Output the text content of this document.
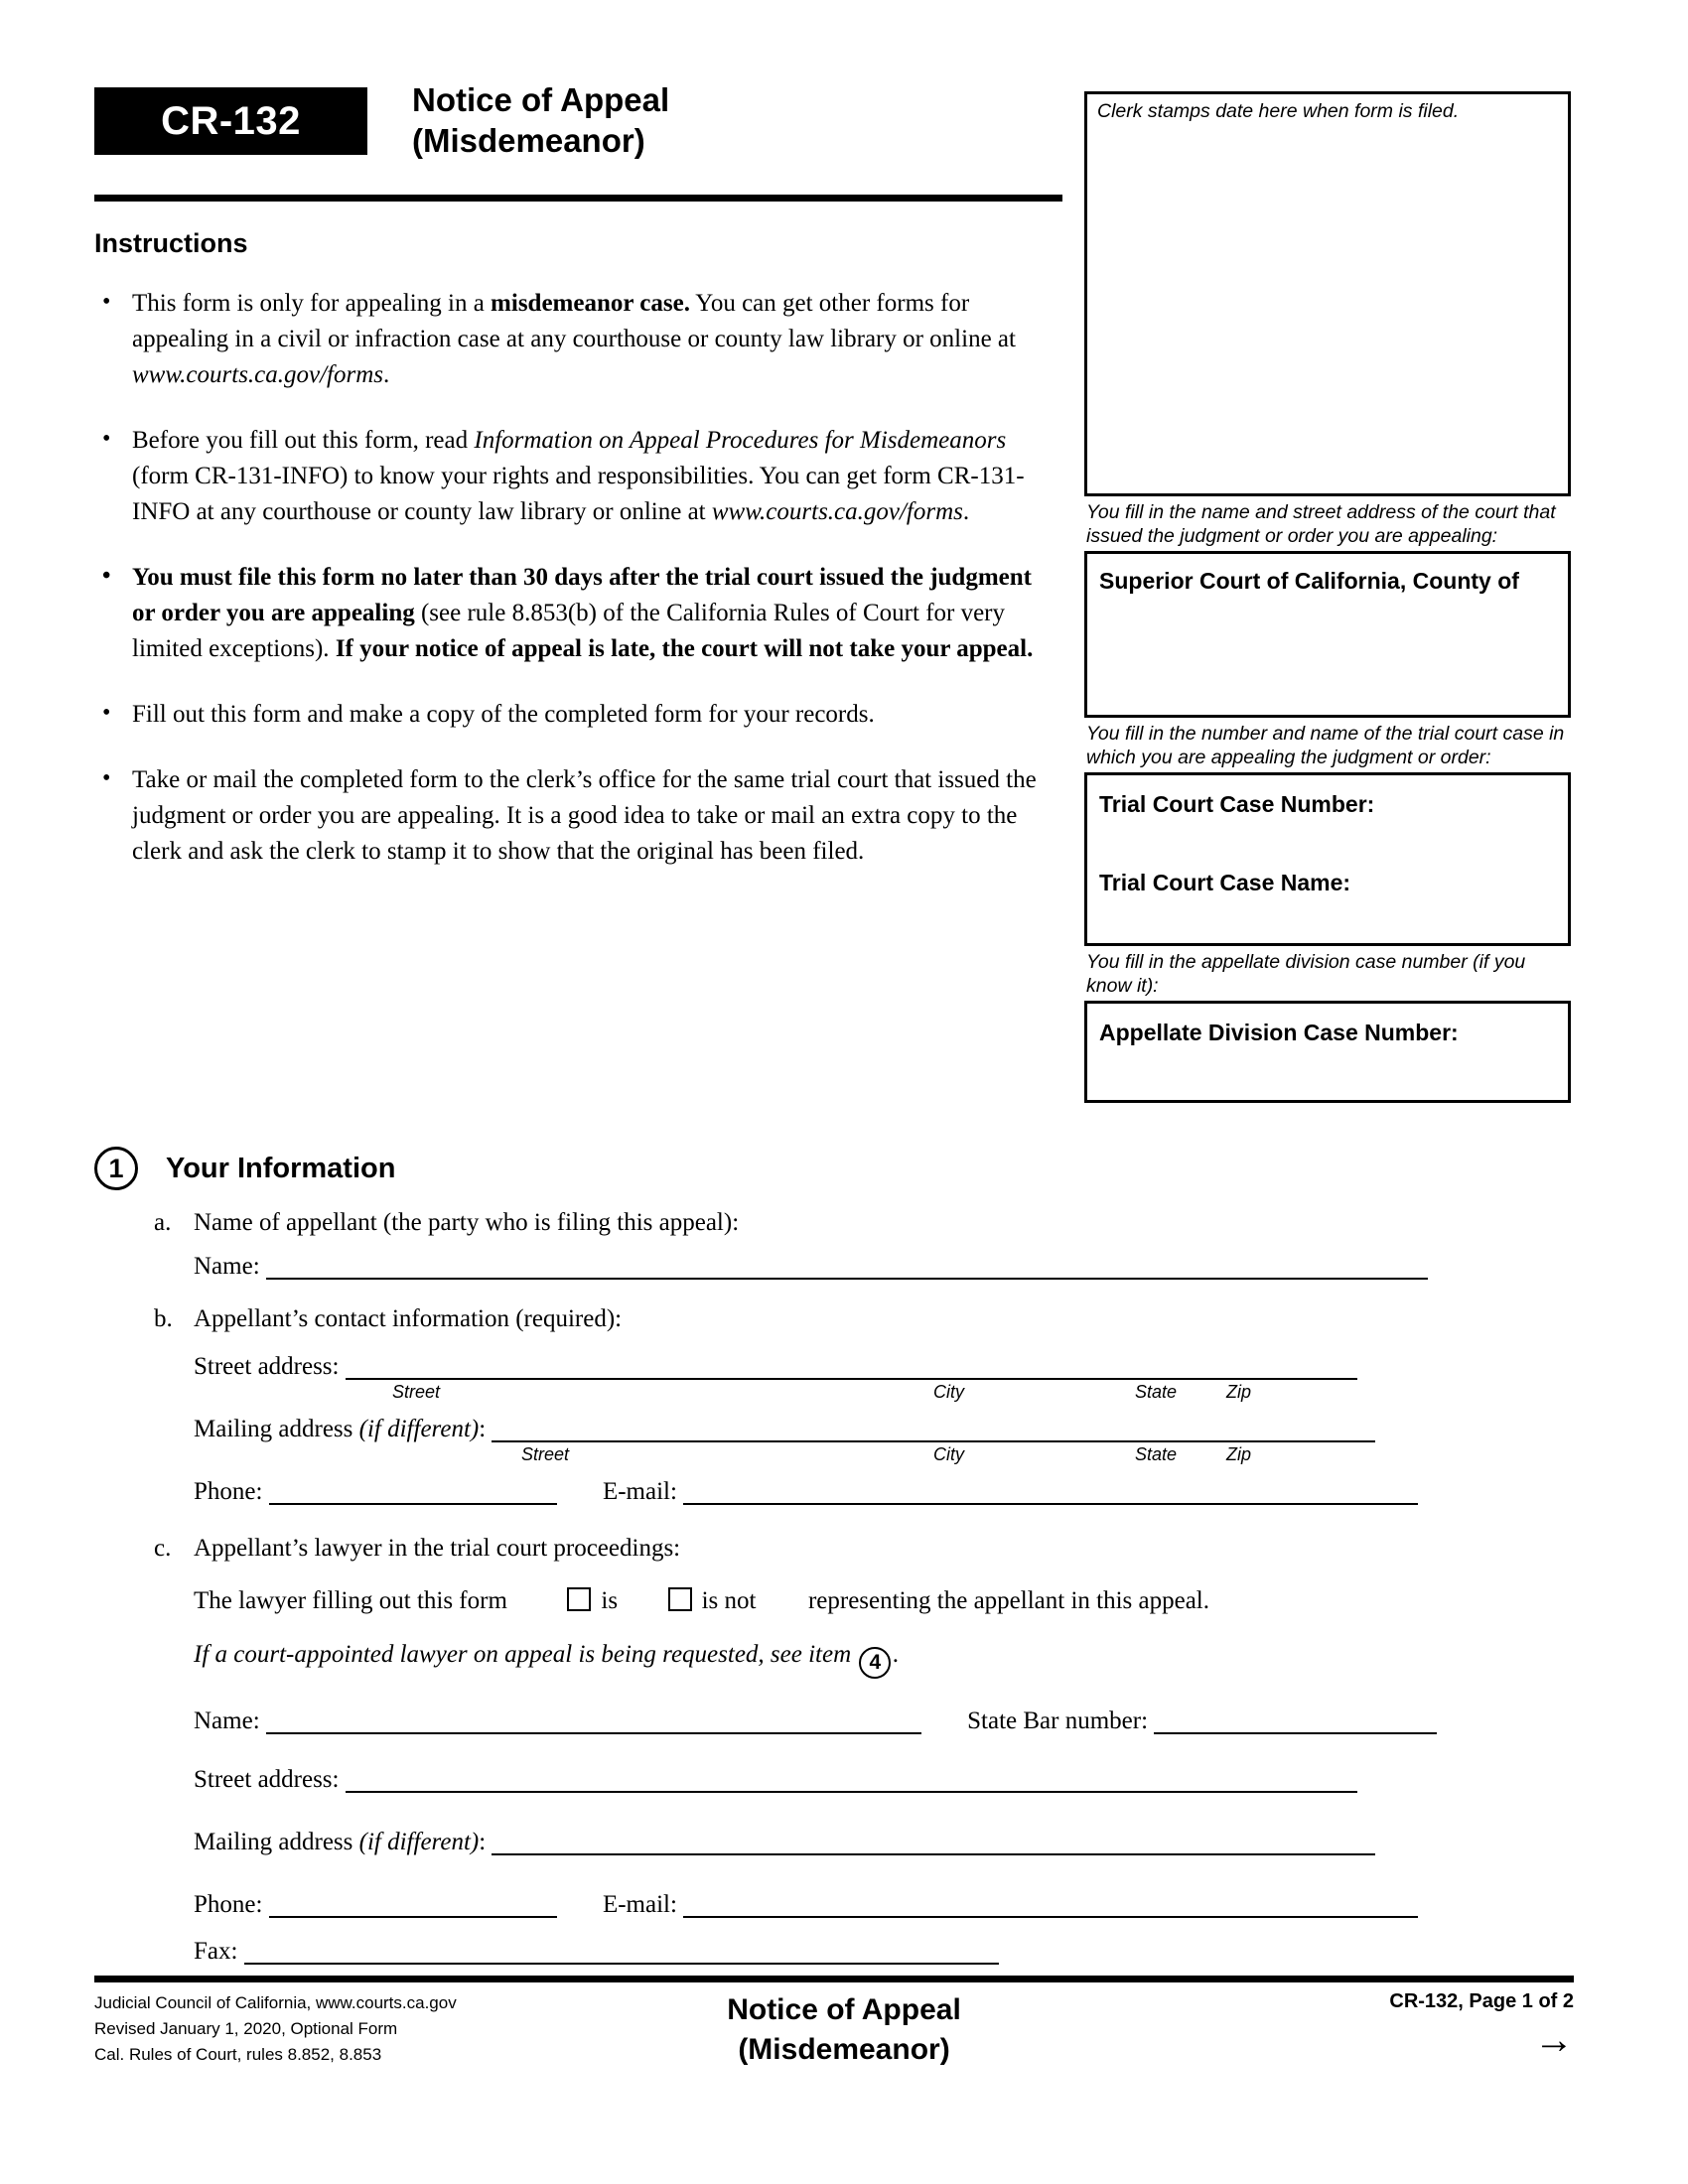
CR-132	Notice of Appeal
(Misdemeanor)
Instructions
• This form is only for appealing in a misdemeanor case. You can get other forms for appealing in a civil or infraction case at any courthouse or county law library or online at www.courts.ca.gov/forms.
• Before you fill out this form, read Information on Appeal Procedures for Misdemeanors (form CR-131-INFO) to know your rights and responsibilities. You can get form CR-131-INFO at any courthouse or county law library or online at www.courts.ca.gov/forms.
• You must file this form no later than 30 days after the trial court issued the judgment or order you are appealing (see rule 8.853(b) of the California Rules of Court for very limited exceptions). If your notice of appeal is late, the court will not take your appeal.
• Fill out this form and make a copy of the completed form for your records.
• Take or mail the completed form to the clerk’s office for the same trial court that issued the judgment or order you are appealing. It is a good idea to take or mail an extra copy to the clerk and ask the clerk to stamp it to show that the original has been filed.
Clerk stamps date here when form is filed.
You fill in the name and street address of the court that issued the judgment or order you are appealing:
Superior Court of California, County of
You fill in the number and name of the trial court case in which you are appealing the judgment or order:
Trial Court Case Number:
Trial Court Case Name:
You fill in the appellate division case number (if you know it):
Appellate Division Case Number:
1 Your Information
a. Name of appellant (the party who is filing this appeal):
Name:
b. Appellant’s contact information (required):
Street address:
Street	City	State	Zip
Mailing address (if different):
Street	City	State	Zip
Phone:	E-mail:
c. Appellant’s lawyer in the trial court proceedings:
The lawyer filling out this form	is	is not representing the appellant in this appeal.
If a court-appointed lawyer on appeal is being requested, see item 4 .
Name:	State Bar number:
Street address:
Mailing address (if different):
Phone:	E-mail:
Fax:
Judicial Council of California, www.courts.ca.gov
Revised January 1, 2020, Optional Form
Cal. Rules of Court, rules 8.852, 8.853
Notice of Appeal
(Misdemeanor)
CR-132, Page 1 of 2
→
